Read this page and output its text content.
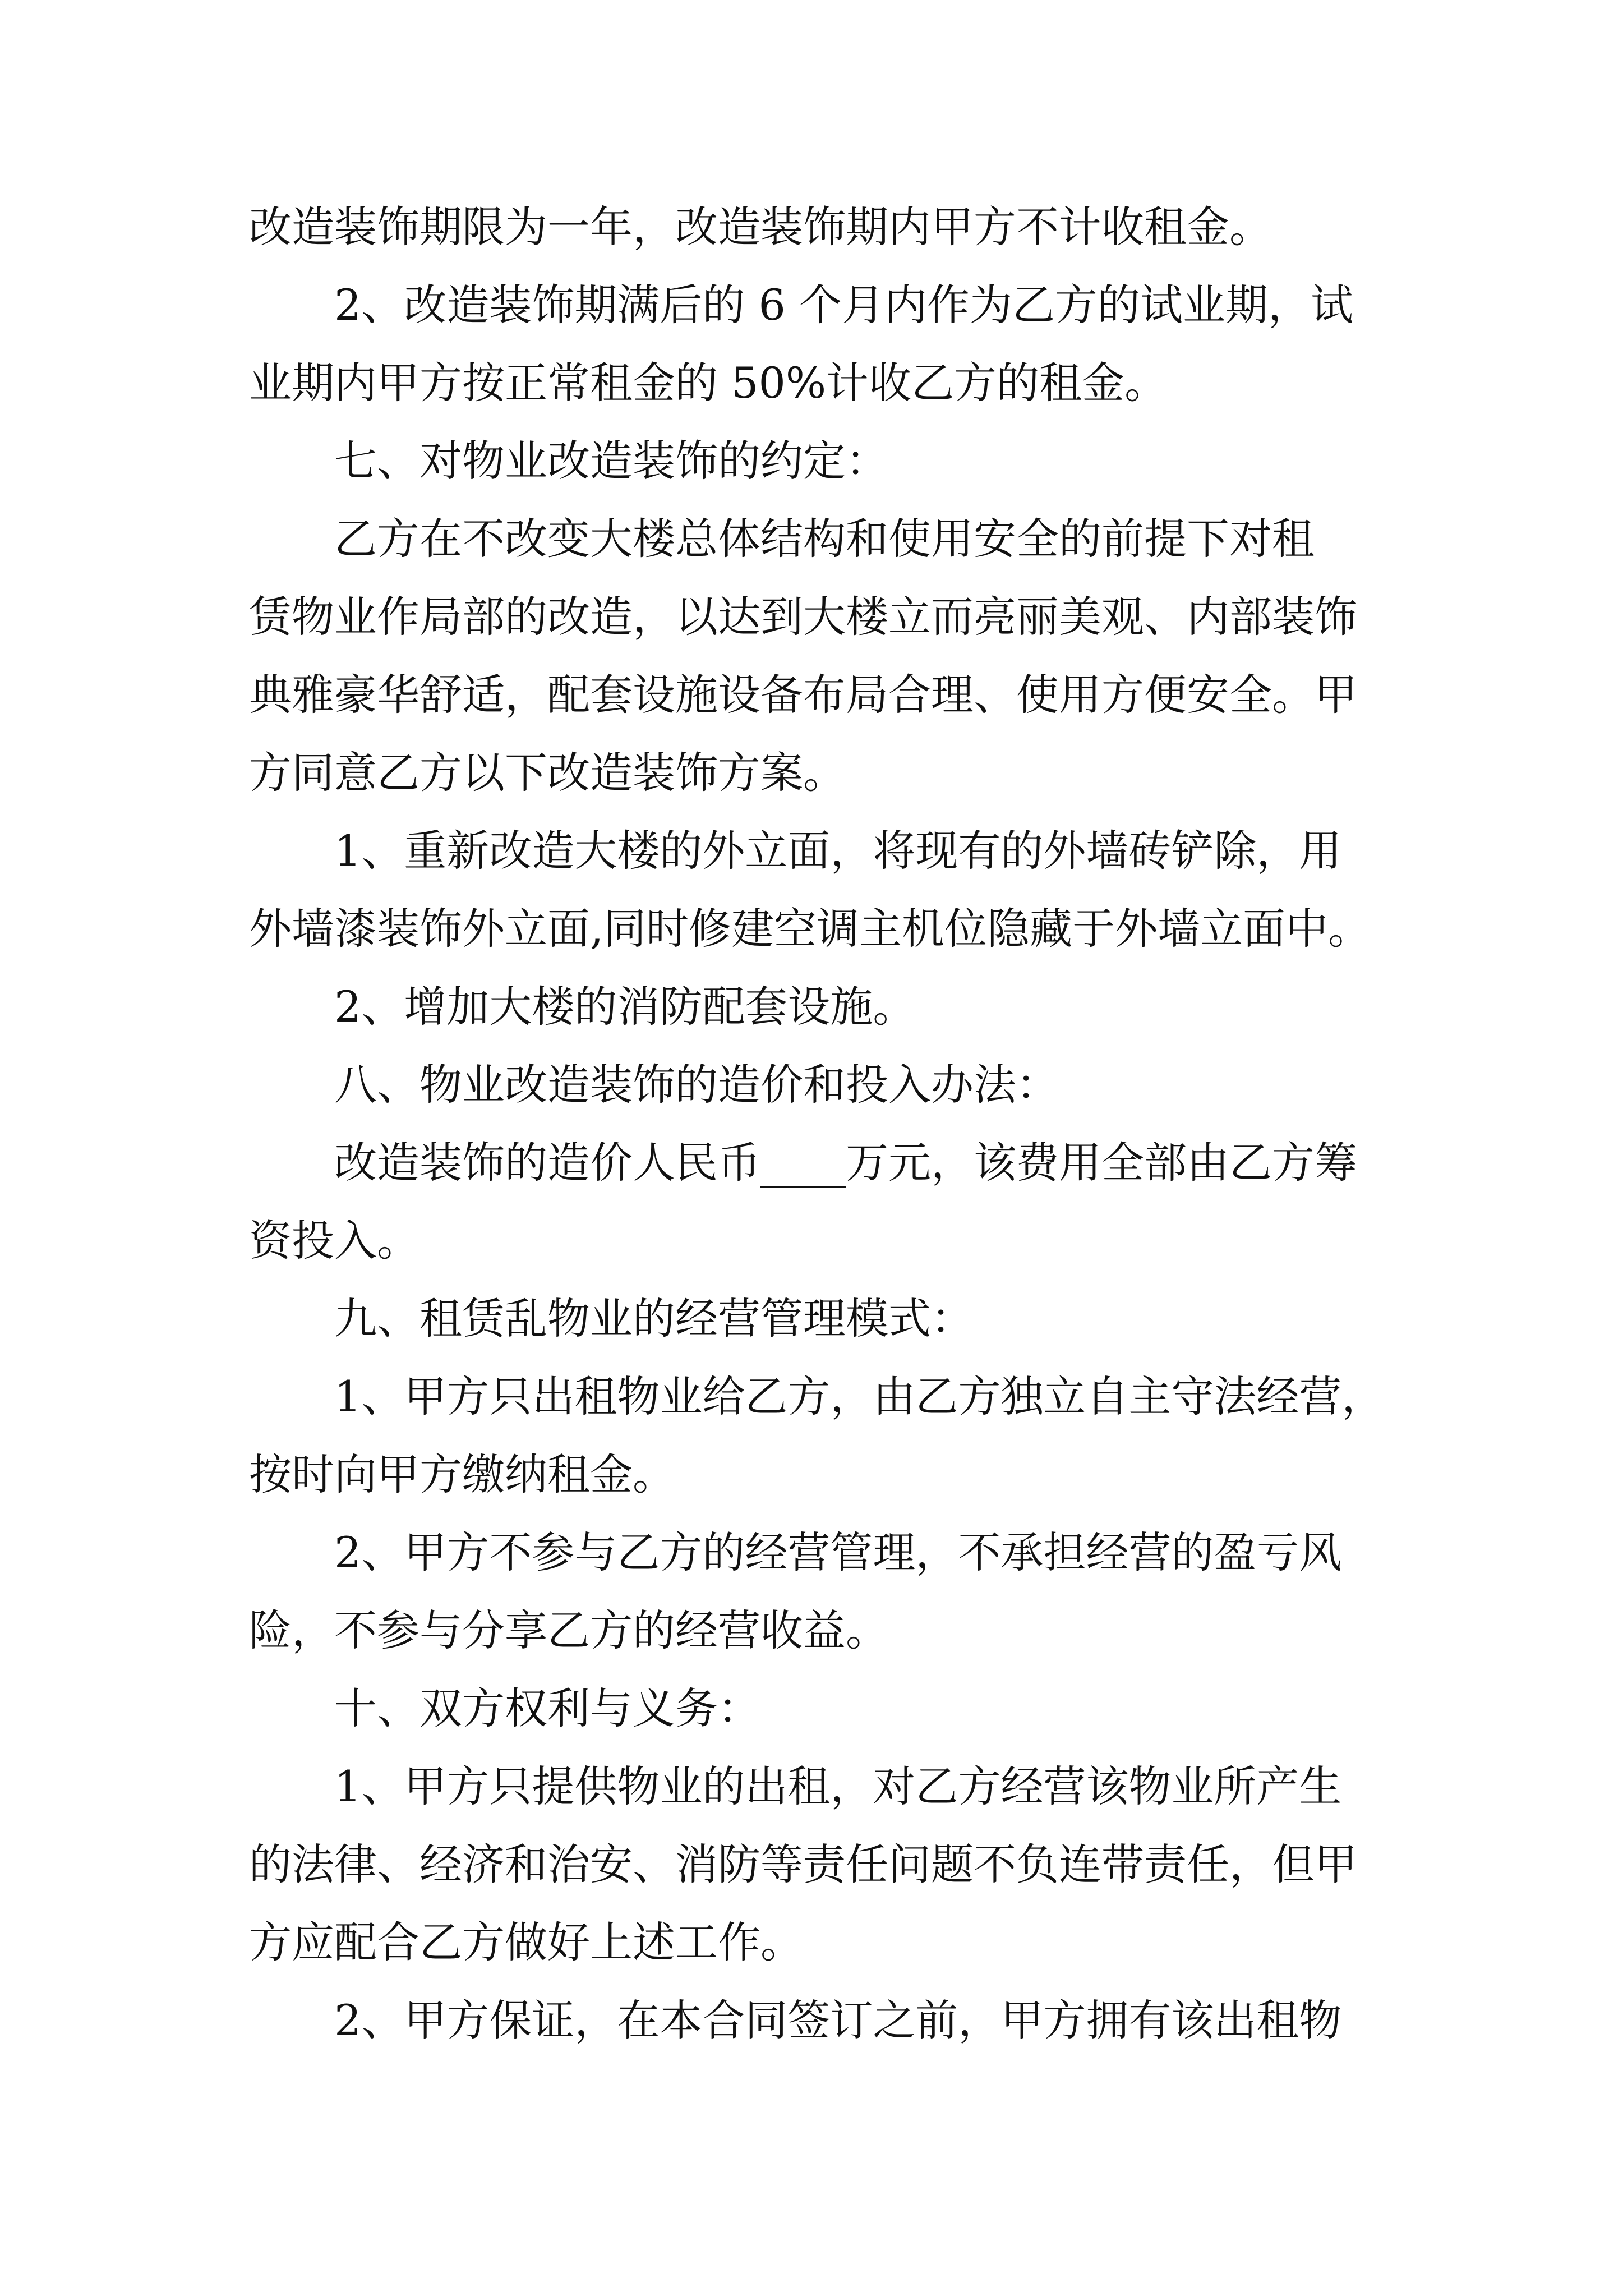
改造装饰期限为一年，改造装饰期内甲方不计收租金。
2、改造装饰期满后的 6 个月内作为乙方的试业期，试
业期内甲方按正常租金的 50%计收乙方的租金。
七、对物业改造装饰的约定：
乙方在不改变大楼总体结构和使用安全的前提下对租
赁物业作局部的改造，以达到大楼立而亮丽美观、内部装饰
典雅豪华舒适，配套设施设备布局合理、使用方便安全。甲
方同意乙方以下改造装饰方案。
1、重新改造大楼的外立面，将现有的外墙砖铲除，用
外墙漆装饰外立面,同时修建空调主机位隐藏于外墙立面中。
2、增加大楼的消防配套设施。
八、物业改造装饰的造价和投入办法：
改造装饰的造价人民币____万元，该费用全部由乙方筹
资投入。
九、租赁乱物业的经营管理模式：
1、甲方只出租物业给乙方，由乙方独立自主守法经营，
按时向甲方缴纳租金。
2、甲方不参与乙方的经营管理，不承担经营的盈亏风
险，不参与分享乙方的经营收益。
十、双方权利与义务：
1、甲方只提供物业的出租，对乙方经营该物业所产生
的法律、经济和治安、消防等责任问题不负连带责任，但甲
方应配合乙方做好上述工作。
2、甲方保证，在本合同签订之前，甲方拥有该出租物
